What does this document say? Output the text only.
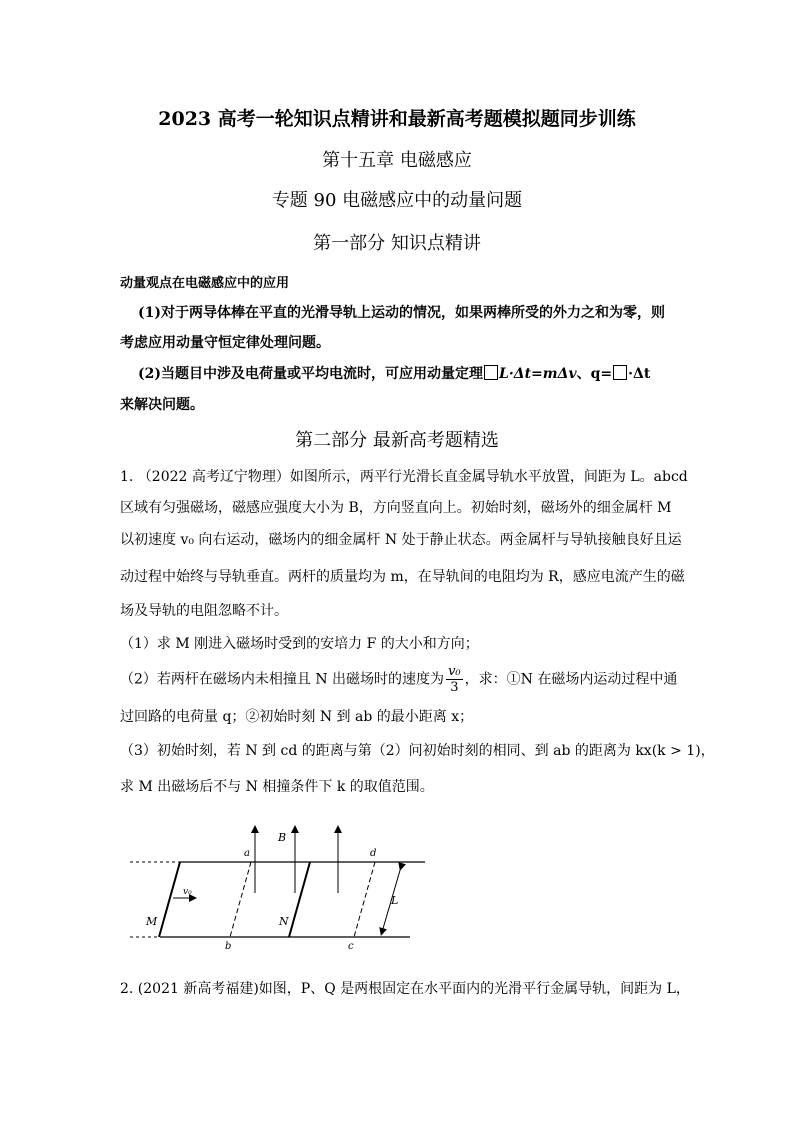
2023 高考一轮知识点精讲和最新高考题模拟题同步训练
第十五章 电磁感应
专题 90 电磁感应中的动量问题
第一部分 知识点精讲
动量观点在电磁感应中的应用
(1)对于两导体棒在平直的光滑导轨上运动的情况，如果两棒所受的外力之和为零，则
考虑应用动量守恒定律处理问题。
(2)当题目中涉及电荷量或平均电流时，可应用动量定理 L·Δt=mΔv、q= ·Δt
来解决问题。
第二部分 最新高考题精选
1. （2022 高考辽宁物理）如图所示，两平行光滑长直金属导轨水平放置，间距为 L。abcd
区域有匀强磁场，磁感应强度大小为 B，方向竖直向上。初始时刻，磁场外的细金属杆 M
以初速度 v₀ 向右运动，磁场内的细金属杆 N 处于静止状态。两金属杆与导轨接触良好且运
动过程中始终与导轨垂直。两杆的质量均为 m，在导轨间的电阻均为 R，感应电流产生的磁
场及导轨的电阻忽略不计。
（1）求 M 刚进入磁场时受到的安培力 F 的大小和方向；
（2）若两杆在磁场内未相撞且 N 出磁场时的速度为 $\frac{\text{v₀}}{3}$ ，求：①N 在磁场内运动过程中通
过回路的电荷量 q；②初始时刻 N 到 ab 的最小距离 x；
（3）初始时刻，若 N 到 cd 的距离与第（2）问初始时刻的相同、到 ab 的距离为 kx(k > 1)，
求 M 出磁场后不与 N 相撞条件下 k 的取值范围。
B
a	d
b	c
v₀
M	N
L
2. (2021 新高考福建)如图，P、Q 是两根固定在水平面内的光滑平行金属导轨，间距为 L，
